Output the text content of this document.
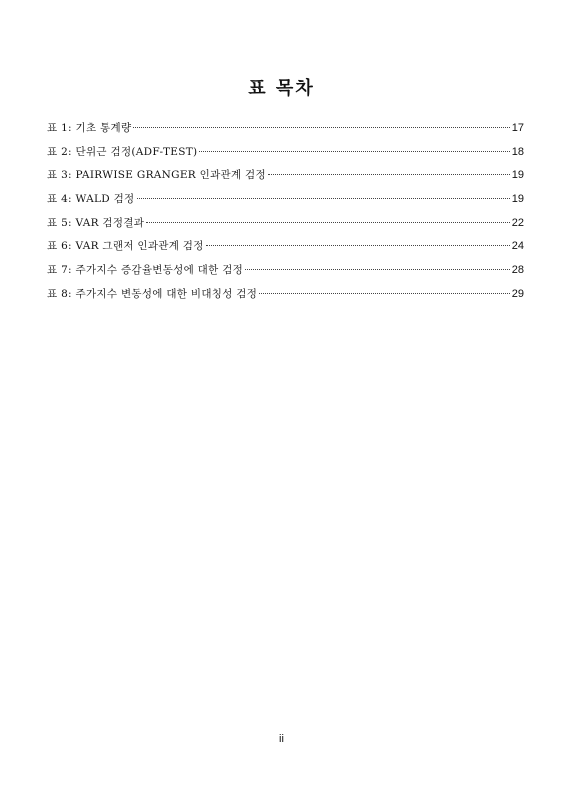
표 목차
표 1: 기초 통계량	17
표 2: 단위근 검정(ADF-TEST)	18
표 3: PAIRWISE GRANGER 인과관계 검정	19
표 4: WALD 검정	19
표 5: VAR 검정결과	22
표 6: VAR 그랜저 인과관계 검정	24
표 7: 주가지수 증감율변동성에 대한 검정	28
표 8: 주가지수 변동성에 대한 비대칭성 검정	29
ii
